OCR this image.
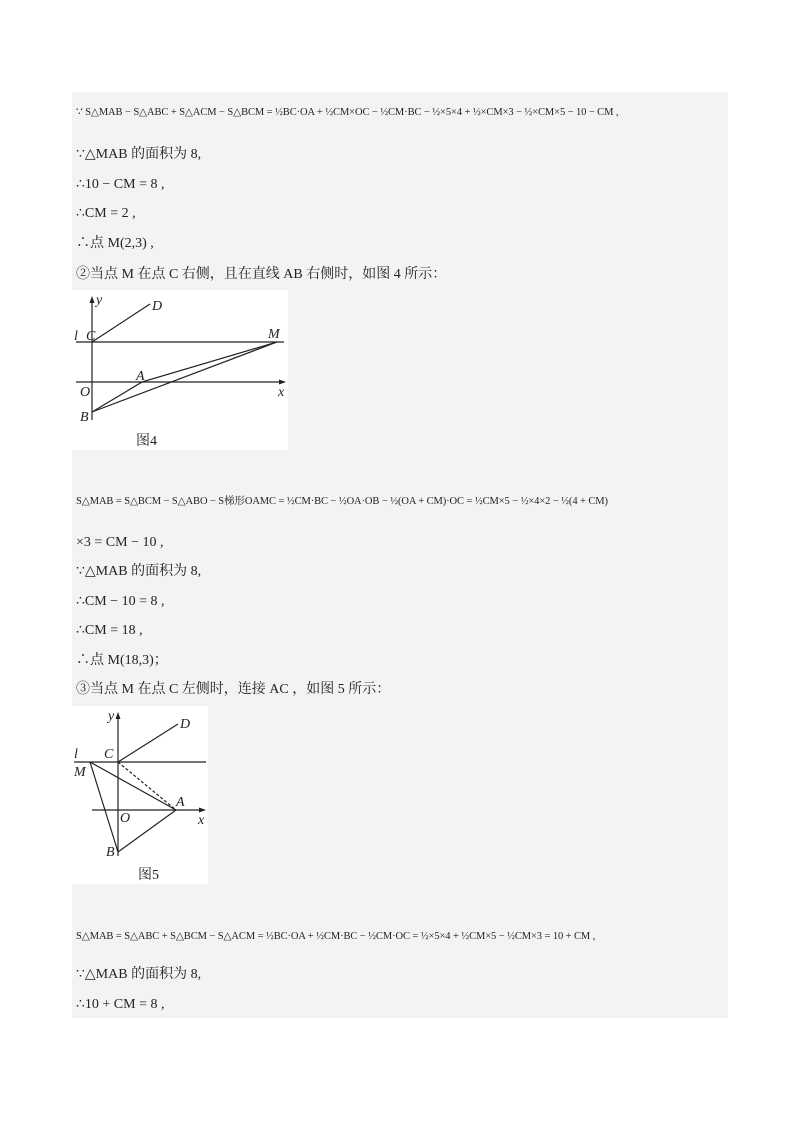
∵ S△MAB − S△ABC + S△ACM − S△BCM = ½BC·OA + ½CM×OC − ½CM·BC − ½×5×4 + ½×CM×3 − ½×CM×5 − 10 − CM ,
∵△MAB 的面积为 8,
∴10 − CM = 8 ,
∴CM = 2 ,
∴点 M(2,3) ,
②当点 M 在点 C 右侧，且在直线 AB 右侧时，如图 4 所示：
y
x
D
l C	M
A
O
B
图4
S△MAB = S△BCM − S△ABO − S梯形OAMC = ½CM·BC − ½OA·OB − ½(OA + CM)·OC = ½CM×5 − ½×4×2 − ½(4 + CM)
×3 = CM − 10 ,
∵△MAB 的面积为 8,
∴CM − 10 = 8 ,
∴CM = 18 ,
∴点 M(18,3)；
③当点 M 在点 C 左侧时，连接 AC ，如图 5 所示：
y
x
D
l C
M
A
O
B
图5
S△MAB = S△ABC + S△BCM − S△ACM = ½BC·OA + ½CM·BC − ½CM·OC = ½×5×4 + ½CM×5 − ½CM×3 = 10 + CM ,
∵△MAB 的面积为 8,
∴10 + CM = 8 ,
